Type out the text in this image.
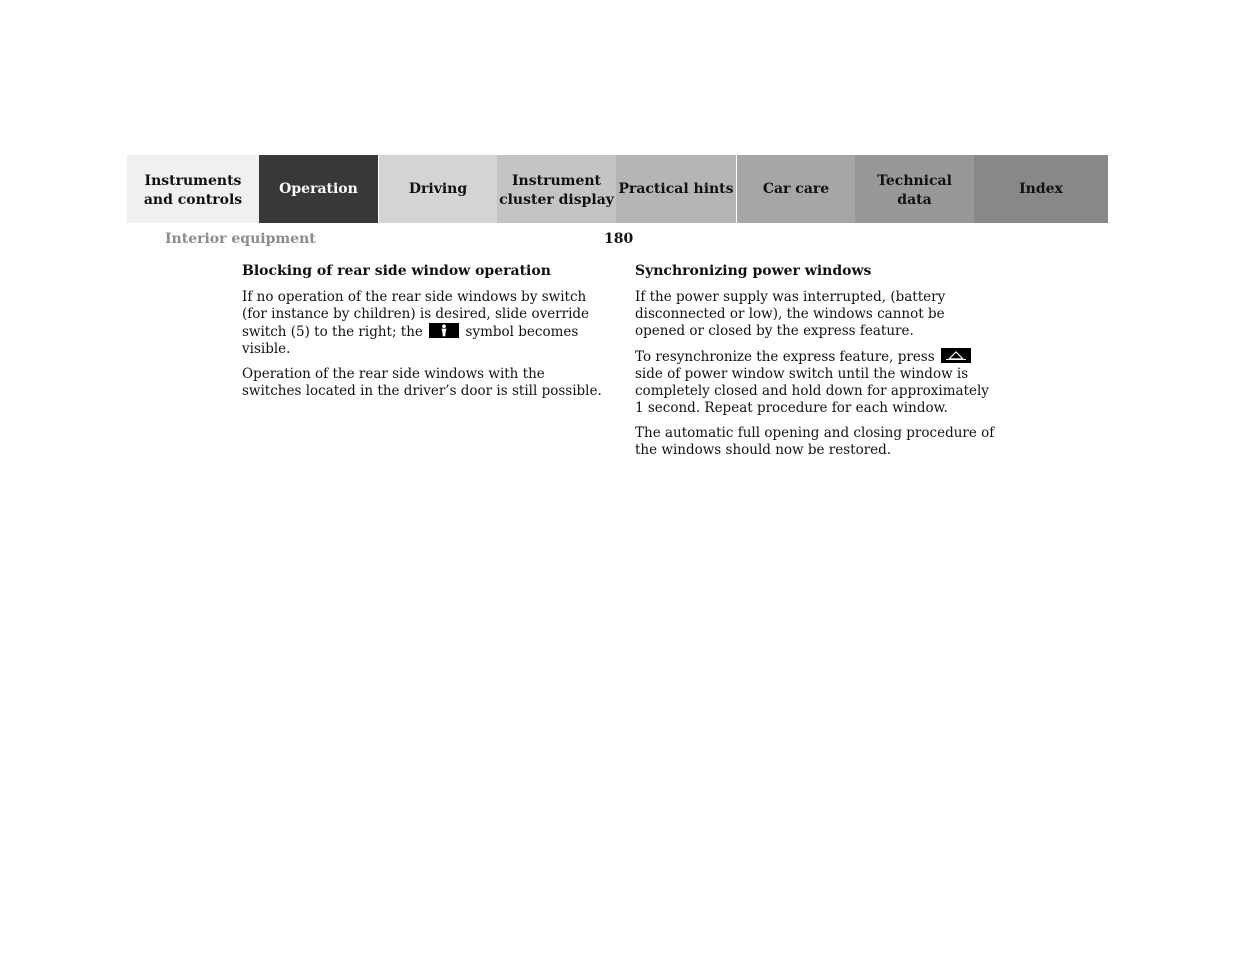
Instruments
and controls
Operation	Driving	Instrument
cluster display
Practical hints Car care	Technical
data
Index
Interior equipment	180
Blocking of rear side window operation

If no operation of the rear side windows by switch (for instance by children) is desired, slide override switch (5) to the right; the	symbol becomes visible.

Operation of the rear side windows with the switches located in the driver’s door is still possible.

Synchronizing power windows

If the power supply was interrupted, (battery disconnected or low), the windows cannot be opened or closed by the express feature.

To resynchronize the express feature, press
side of power window switch until the window is completely closed and hold down for approximately 1 second. Repeat procedure for each window.

The automatic full opening and closing procedure of the windows should now be restored.
